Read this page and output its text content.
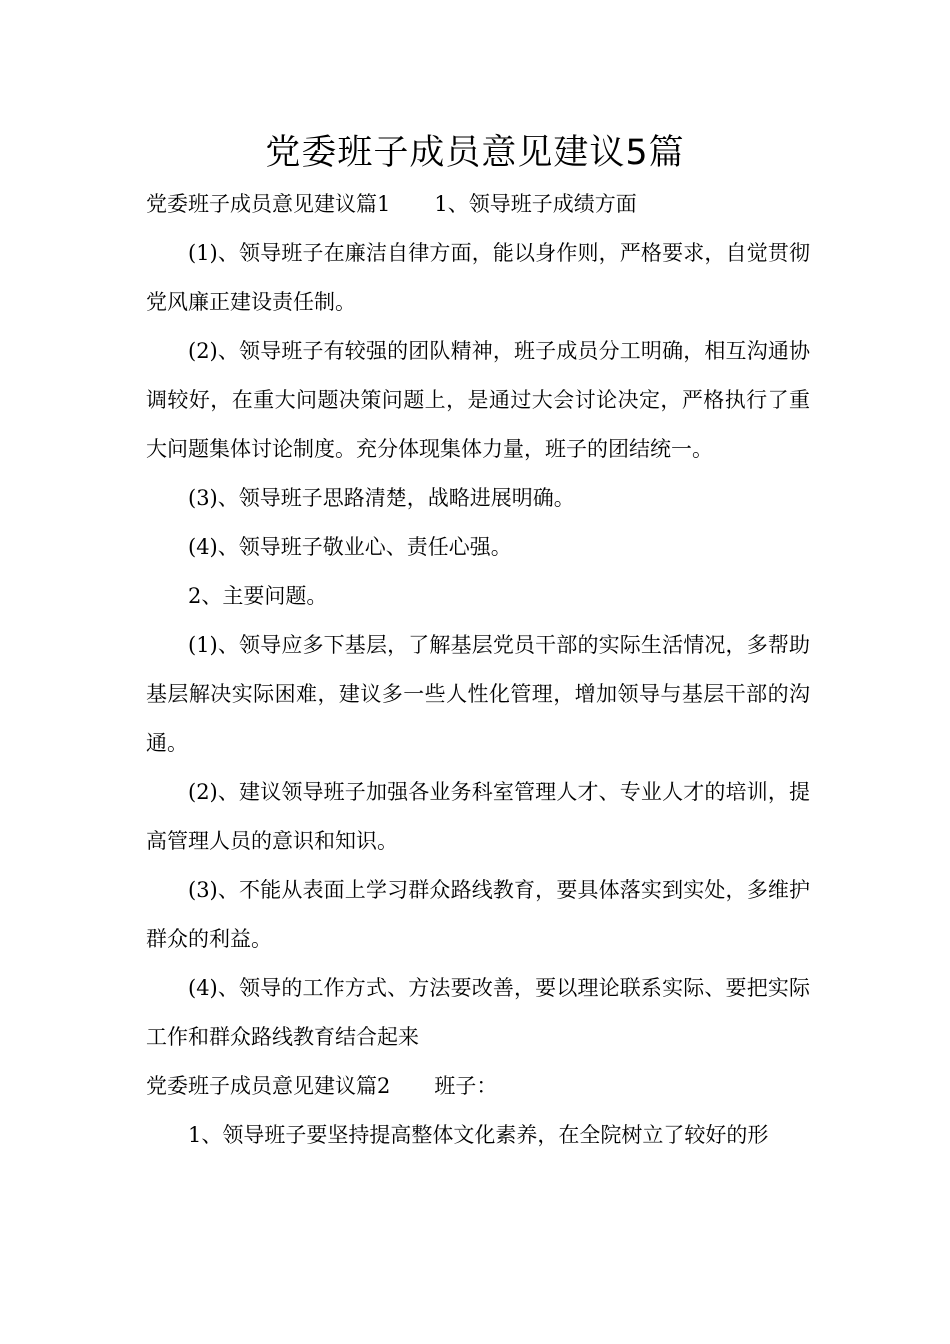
党委班子成员意见建议5篇

党委班子成员意见建议篇1 1、领导班子成绩方面

(1)、领导班子在廉洁自律方面，能以身作则，严格要求，自觉贯彻党风廉正建设责任制。

(2)、领导班子有较强的团队精神，班子成员分工明确，相互沟通协调较好，在重大问题决策问题上，是通过大会讨论决定，严格执行了重大问题集体讨论制度。充分体现集体力量，班子的团结统一。

(3)、领导班子思路清楚，战略进展明确。

(4)、领导班子敬业心、责任心强。

2、主要问题。

(1)、领导应多下基层，了解基层党员干部的实际生活情况，多帮助基层解决实际困难，建议多一些人性化管理，增加领导与基层干部的沟通。

(2)、建议领导班子加强各业务科室管理人才、专业人才的培训，提高管理人员的意识和知识。

(3)、不能从表面上学习群众路线教育，要具体落实到实处，多维护群众的利益。

(4)、领导的工作方式、方法要改善，要以理论联系实际、要把实际工作和群众路线教育结合起来

党委班子成员意见建议篇2 班子：

1、领导班子要坚持提高整体文化素养，在全院树立了较好的形
